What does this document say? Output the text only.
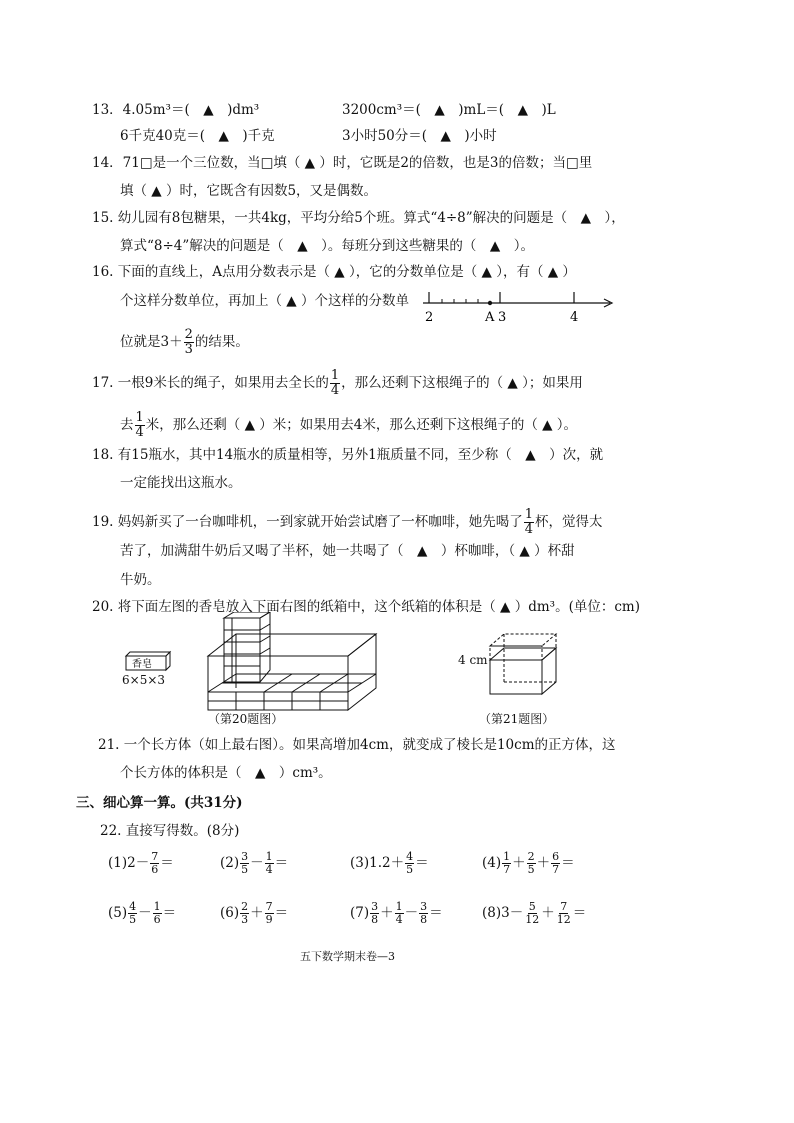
13．4.05m³＝(　▲　)dm³	3200cm³＝(　▲　)mL＝(　▲　)L
6千克40克＝(　▲　)千克	3小时50分＝(　▲　)小时
14．71□是一个三位数，当□填（ ▲ ）时，它既是2的倍数，也是3的倍数；当□里
填（ ▲ ）时，它既含有因数5，又是偶数。
15. 幼儿园有8包糖果，一共4kg，平均分给5个班。算式“4÷8”解决的问题是（　▲　），
算式“8÷4”解决的问题是（　▲　）。每班分到这些糖果的（　▲　）。
16. 下面的直线上，A点用分数表示是（ ▲ ），它的分数单位是（ ▲ ），有（ ▲ ）
个这样分数单位，再加上（ ▲ ）个这样的分数单
2	A 3	4
位就是$3+ \frac{2}{3}$ 的结果。
17. 一根9米长的绳子，如果用去全长的 $\frac{1}{4}$ ，那么还剩下这根绳子的（ ▲ ）；如果用
去 $\frac{1}{4}$ 米，那么还剩（ ▲ ）米；如果用去4米，那么还剩下这根绳子的（ ▲ ）。
18. 有15瓶水，其中14瓶水的质量相等，另外1瓶质量不同，至少称（　▲　）次，就
一定能找出这瓶水。
19. 妈妈新买了一台咖啡机，一到家就开始尝试磨了一杯咖啡，她先喝了 $\frac{1}{4}$ 杯，觉得太
苦了，加满甜牛奶后又喝了半杯，她一共喝了（　▲　）杯咖啡，（ ▲ ）杯甜
牛奶。
20. 将下面左图的香皂放入下面右图的纸箱中，这个纸箱的体积是（ ▲ ）dm³。(单位：cm)
香皂
6×5×3
（第20题图）
4 cm
（第21题图）
21. 一个长方体（如上最右图）。如果高增加4cm，就变成了棱长是10cm的正方体，这
个长方体的体积是（　▲　）cm³。
三、细心算一算。(共31分)
22. 直接写得数。(8分)
$(1)2- \frac{7}{6}$ ＝	$(2) \frac{3}{5} - \frac{1}{4}$ ＝	$(3)1.2+ \frac{4}{5}$ ＝	$(4) \frac{1}{7} + \frac{2}{5} + \frac{6}{7}$ ＝
$(5) \frac{4}{5} - \frac{1}{6}$ ＝	$(6) \frac{2}{3} + \frac{7}{9}$ ＝	$(7) \frac{3}{8} + \frac{1}{4} - \frac{3}{8}$ ＝	$(8)3- \frac{5}{12} + \frac{7}{12}$ ＝
五下数学期末卷—3
